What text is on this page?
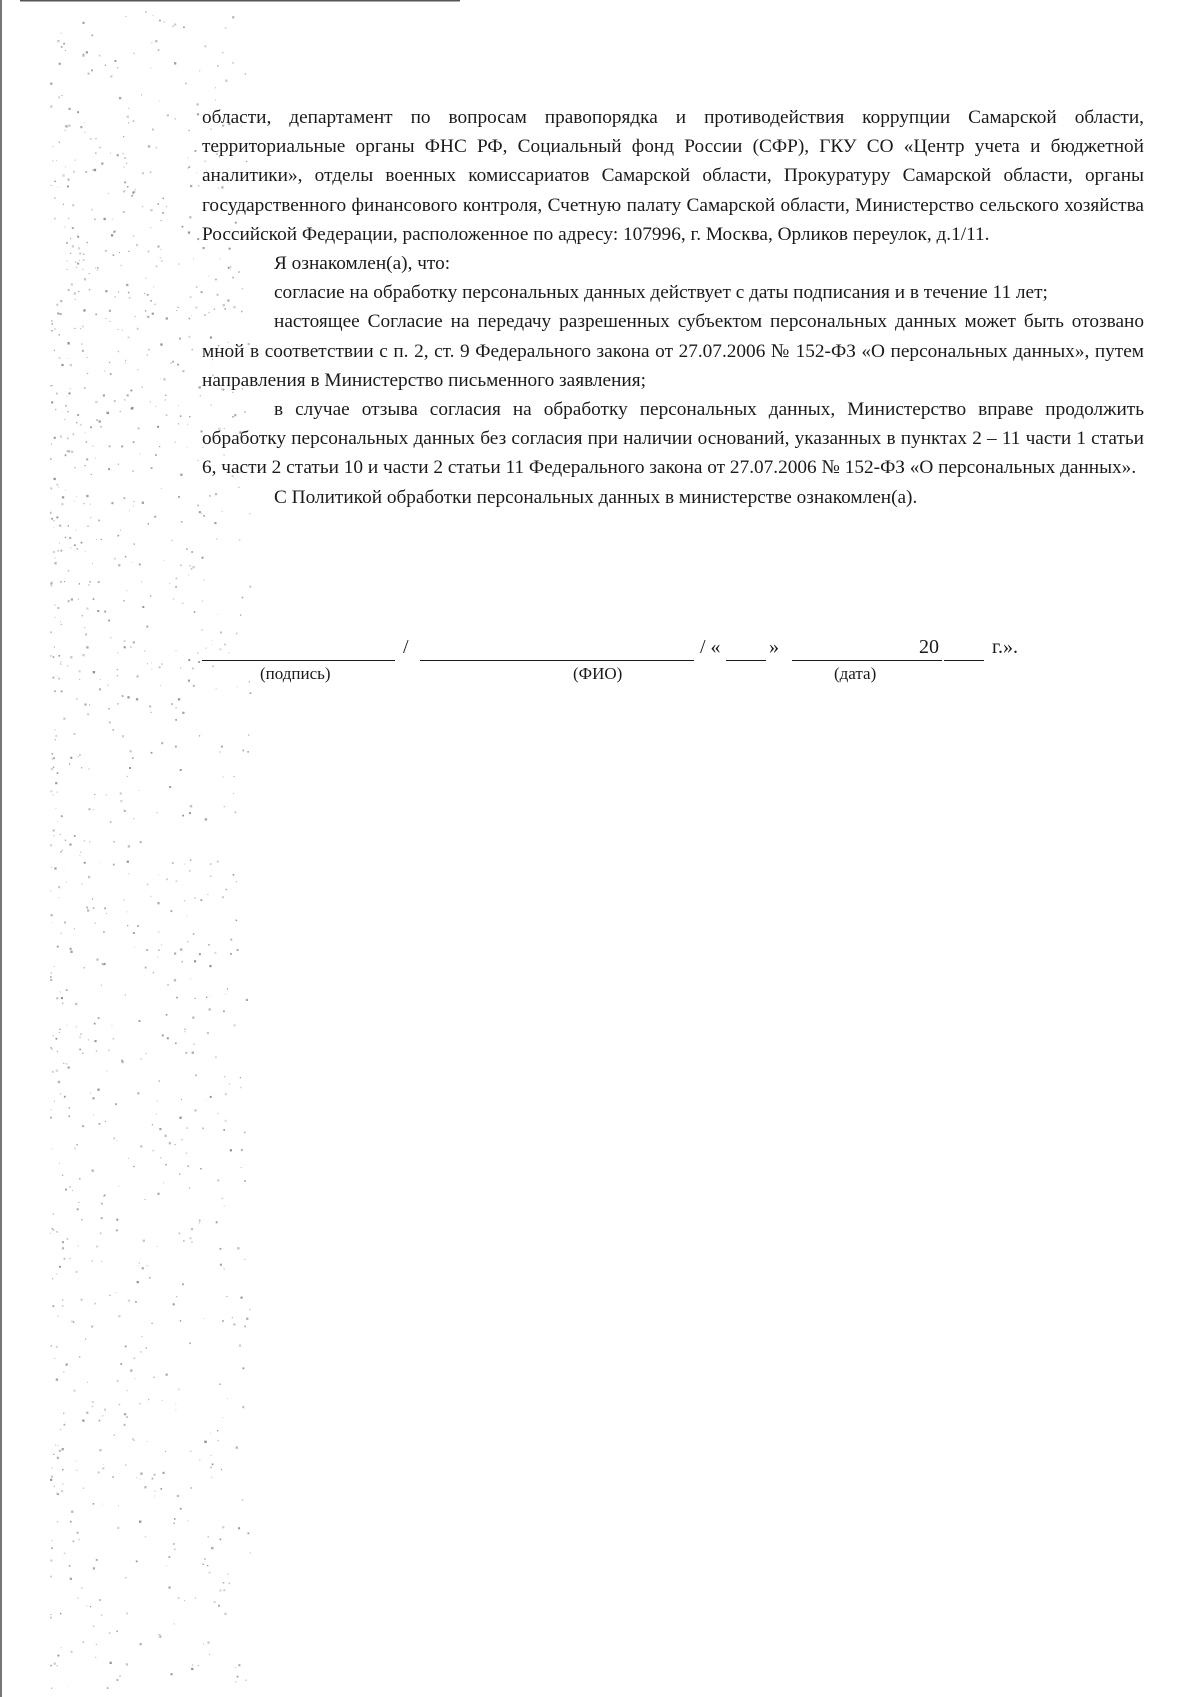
области, департамент по вопросам правопорядка и противодействия коррупции Самарской области, территориальные органы ФНС РФ, Социальный фонд России (СФР), ГКУ СО «Центр учета и бюджетной аналитики», отделы военных комиссариатов Самарской области, Прокуратуру Самарской области, органы государственного финансового контроля, Счетную палату Самарской области, Министерство сельского хозяйства Российской Федерации, расположенное по адресу: 107996, г. Москва, Орликов переулок, д.1/11.

Я ознакомлен(а), что:

согласие на обработку персональных данных действует с даты подписания и в течение 11 лет;

настоящее Согласие на передачу разрешенных субъектом персональных данных может быть отозвано мной в соответствии с п. 2, ст. 9 Федерального закона от 27.07.2006 № 152-ФЗ «О персональных данных», путем направления в Министерство письменного заявления;

в случае отзыва согласия на обработку персональных данных, Министерство вправе продолжить обработку персональных данных без согласия при наличии оснований, указанных в пунктах 2 – 11 части 1 статьи 6, части 2 статьи 10 и части 2 статьи 11 Федерального закона от 27.07.2006 № 152-ФЗ «О персональных данных».

С Политикой обработки персональных данных в министерстве ознакомлен(а).

/	/ « »	20	г.».
(подпись)	(ФИО)	(дата)
